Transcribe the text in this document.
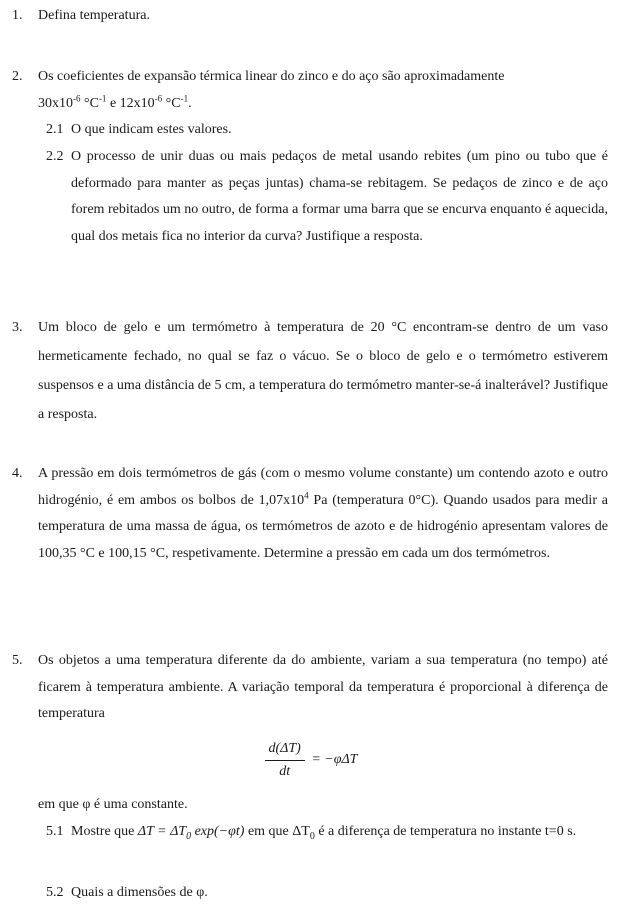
1. Defina temperatura.
2. Os coeficientes de expansão térmica linear do zinco e do aço são aproximadamente
$30x10^{-6}$ $^\circ C^{-1}$ e $12x10^{-6}$ $^\circ C^{-1}$.
2.1 O que indicam estes valores.
2.2 O processo de unir duas ou mais pedaços de metal usando rebites (um pino ou tubo que é deformado para manter as peças juntas) chama-se rebitagem. Se pedaços de zinco e de aço forem rebitados um no outro, de forma a formar uma barra que se encurva enquanto é aquecida, qual dos metais fica no interior da curva? Justifique a resposta.
3. Um bloco de gelo e um termómetro à temperatura de 20 °C encontram-se dentro de um vaso hermeticamente fechado, no qual se faz o vácuo. Se o bloco de gelo e o termómetro estiverem suspensos e a uma distância de 5 cm, a temperatura do termómetro manter-se-á inalterável? Justifique a resposta.
4. A pressão em dois termómetros de gás (com o mesmo volume constante) um contendo azoto e outro hidrogénio, é em ambos os bolbos de $1,07x10^4$ Pa (temperatura 0°C). Quando usados para medir a temperatura de uma massa de água, os termómetros de azoto e de hidrogénio apresentam valores de 100,35 °C e 100,15 °C, respetivamente. Determine a pressão em cada um dos termómetros.
5. Os objetos a uma temperatura diferente da do ambiente, variam a sua temperatura (no tempo) até ficarem à temperatura ambiente. A variação temporal da temperatura é proporcional à diferença de temperatura
$\frac{d(\Delta T)}{dt} = -\varphi\Delta T$
em que φ é uma constante.
5.1 Mostre que $\Delta T = \Delta T_0$ exp(−φt) em que $\Delta T_0$ é a diferença de temperatura no instante t=0 s.
5.2 Quais a dimensões de φ.
